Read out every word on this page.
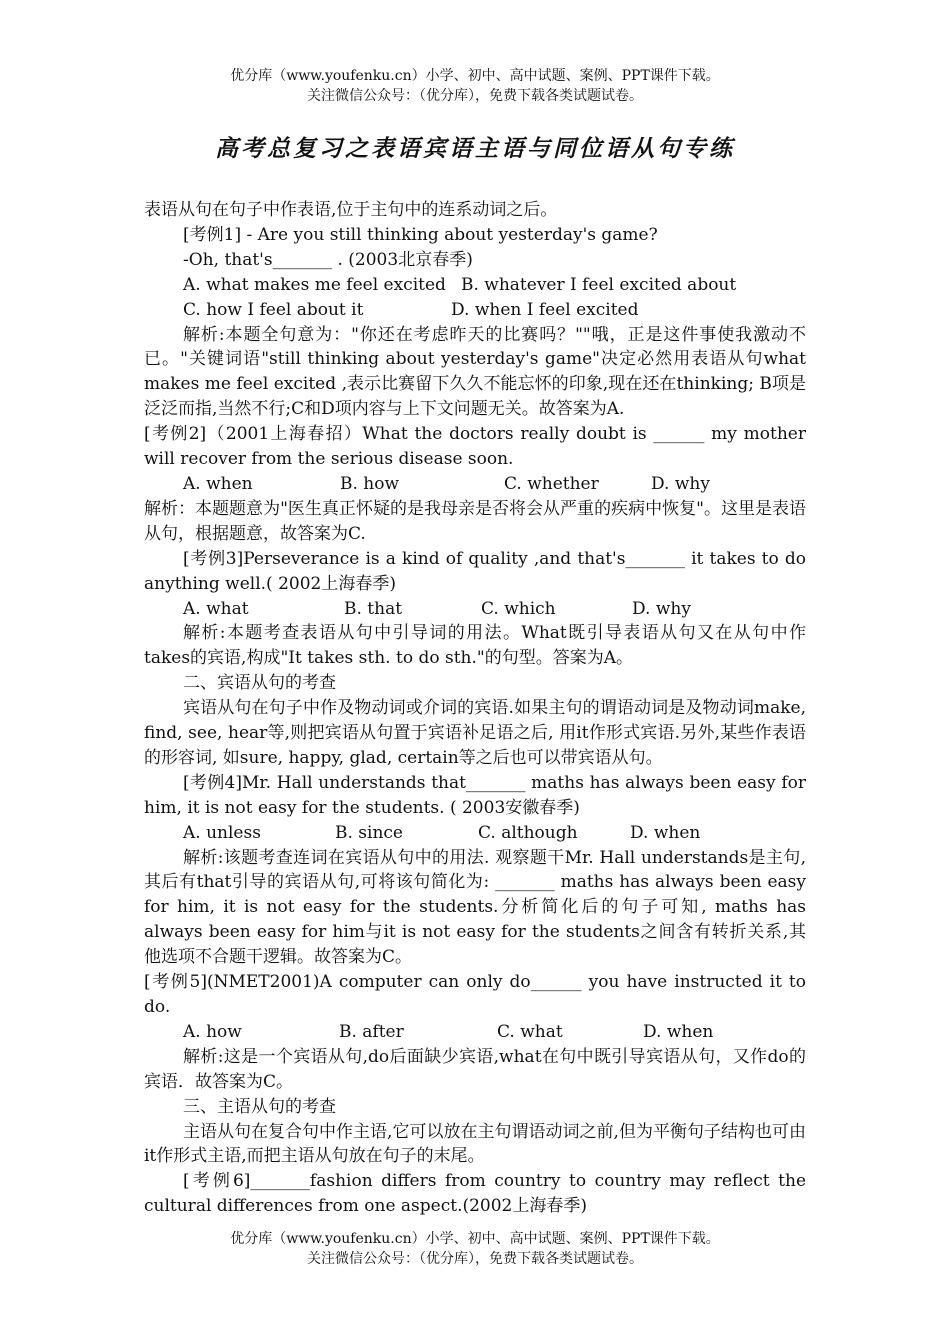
优分库（www.youfenku.cn）小学、初中、高中试题、案例、PPT课件下载。
关注微信公众号：（优分库），免费下载各类试题试卷。
高考总复习之表语宾语主语与同位语从句专练

表语从句在句子中作表语,位于主句中的连系动词之后。

[考例1] - Are you still thinking about yesterday's game?

-Oh, that's_______ . (2003北京春季)

A. what makes me feel excited B. whatever I feel excited about
C. how I feel about it	D. when I feel excited

解析:本题全句意为："你还在考虑昨天的比赛吗？""哦，正是这件事使我激动不已。"关键词语"still thinking about yesterday's game"决定必然用表语从句what makes me feel excited ,表示比赛留下久久不能忘怀的印象,现在还在thinking; B项是泛泛而指,当然不行;C和D项内容与上下文问题无关。故答案为A.

[考例2]（2001上海春招）What the doctors really doubt is ______ my mother will recover from the serious disease soon.

A. when	B. how	C. whether	D. why

解析：本题题意为"医生真正怀疑的是我母亲是否将会从严重的疾病中恢复"。这里是表语从句，根据题意，故答案为C.

[考例3]Perseverance is a kind of quality ,and that's_______ it takes to do anything well.( 2002上海春季)

A. what	B. that	C. which	D. why

解析:本题考查表语从句中引导词的用法。What既引导表语从句又在从句中作takes的宾语,构成"It takes sth. to do sth."的句型。答案为A。

二、宾语从句的考查

宾语从句在句子中作及物动词或介词的宾语.如果主句的谓语动词是及物动词make, find, see, hear等,则把宾语从句置于宾语补足语之后, 用it作形式宾语.另外,某些作表语的形容词, 如sure, happy, glad, certain等之后也可以带宾语从句。

[考例4]Mr. Hall understands that_______ maths has always been easy for him, it is not easy for the students. ( 2003安徽春季)

A. unless	B. since	C. although	D. when

解析:该题考查连词在宾语从句中的用法. 观察题干Mr. Hall understands是主句,其后有that引导的宾语从句,可将该句简化为: _______ maths has always been easy for him, it is not easy for the students.分析简化后的句子可知, maths has always been easy for him与it is not easy for the students之间含有转折关系,其他选项不合题干逻辑。故答案为C。

[考例5](NMET2001)A computer can only do______ you have instructed it to do.

A. how	B. after	C. what	D. when

解析:这是一个宾语从句,do后面缺少宾语,what在句中既引导宾语从句，又作do的宾语．故答案为C。

三、主语从句的考查

主语从句在复合句中作主语,它可以放在主句谓语动词之前,但为平衡句子结构也可由it作形式主语,而把主语从句放在句子的末尾。

[考例6]_______fashion differs from country to country may reflect the cultural differences from one aspect.(2002上海春季)

优分库（www.youfenku.cn）小学、初中、高中试题、案例、PPT课件下载。
关注微信公众号：（优分库），免费下载各类试题试卷。
